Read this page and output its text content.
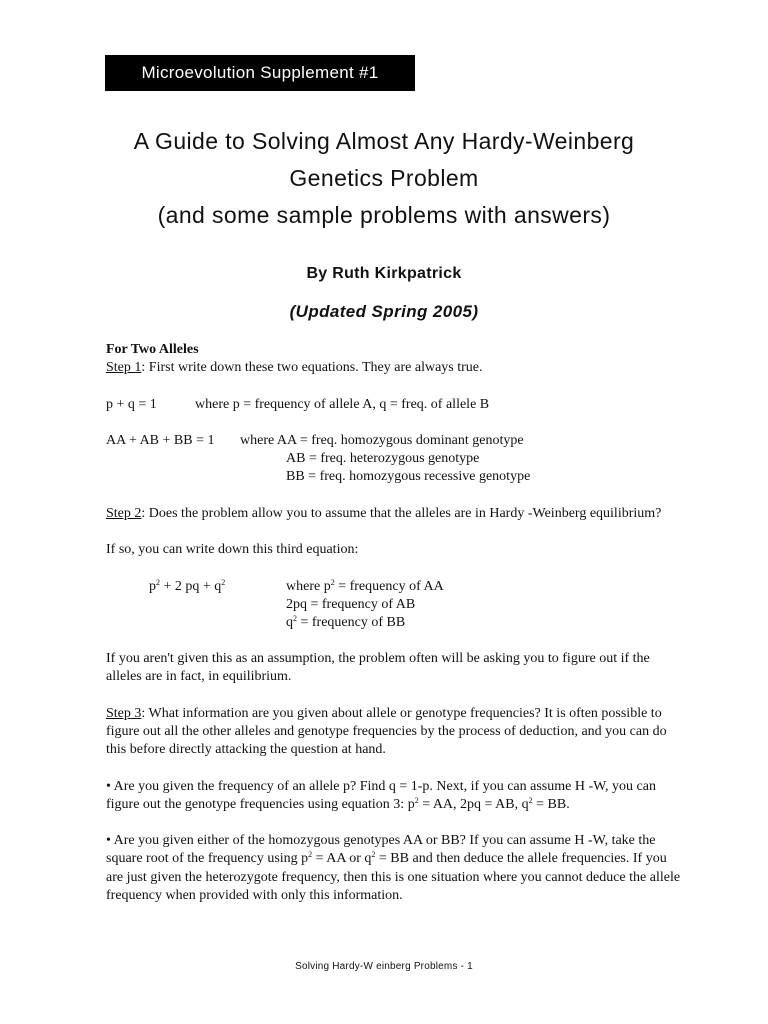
Microevolution Supplement #1
A Guide to Solving Almost Any Hardy-Weinberg
Genetics Problem
(and some sample problems with answers)
By Ruth Kirkpatrick
(Updated Spring 2005)

For Two Alleles

Step 1: First write down these two equations. They are always true.

p + q = 1	where p = frequency of allele A, q = freq. of allele B
AA + AB + BB = 1 where AA = freq. homozygous dominant genotype
AB = freq. heterozygous genotype
BB = freq. homozygous recessive genotype

Step 2: Does the problem allow you to assume that the alleles are in Hardy -Weinberg equilibrium?

If so, you can write down this third equation:

$p^2 + 2$ pq + $q^2$	where $p^2$ = frequency of AA
2pq = frequency of AB
$q^2$ = frequency of BB

If you aren't given this as an assumption, the problem often will be asking you to figure out if the alleles are in fact, in equilibrium.

Step 3: What information are you given about allele or genotype frequencies? It is often possible to figure out all the other alleles and genotype frequencies by the process of deduction, and you can do this before directly attacking the question at hand.

• Are you given the frequency of an allele p? Find q = 1-p. Next, if you can assume H -W, you can figure out the genotype frequencies using equation 3: $p^2$ = AA, 2pq = AB, $q^2$ = BB.

• Are you given either of the homozygous genotypes AA or BB? If you can assume H -W, take the square root of the frequency using $p^2$ = AA or $q^2$ = BB and then deduce the allele frequencies. If you are just given the heterozygote frequency, then this is one situation where you cannot deduce the allele frequency when provided with only this information.

Solving Hardy-W einberg Problems - 1
